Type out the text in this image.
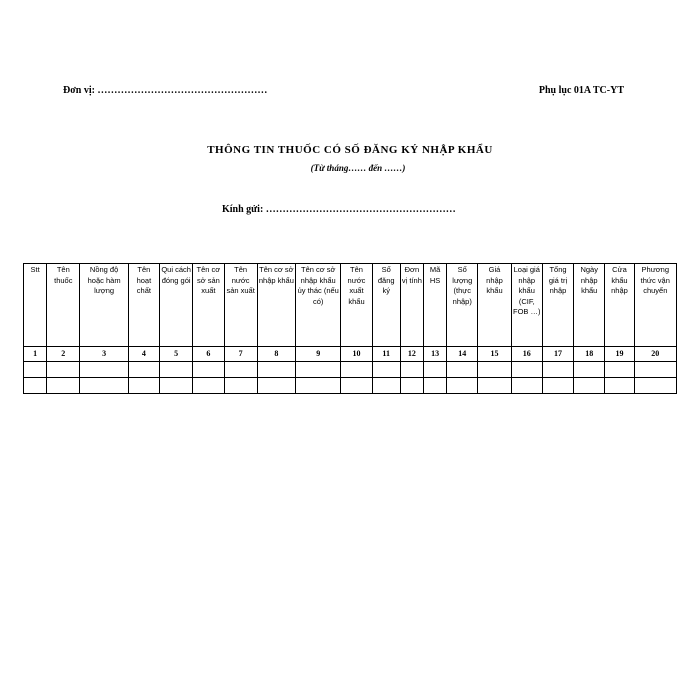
Đơn vị: ……………………………………………	Phụ lục 01A TC-YT
THÔNG TIN THUỐC CÓ SỐ ĐĂNG KÝ NHẬP KHẨU
(Từ tháng…… đến ……)
Kính gửi: …………………………………………………
Stt	Tên thuốc	Nồng độ hoặc hàm lượng	Tên hoạt chất	Qui cách đóng gói	Tên cơ sở sản xuất	Tên nước sản xuất	Tên cơ sở nhập khẩu	Tên cơ sở nhập khẩu ủy thác (nếu có)	Tên nước xuất khẩu	Số đăng ký	Đơn vị tính	Mã HS	Số lượng (thực nhập)	Giá nhập khẩu	Loại giá nhập khẩu (CIF, FOB …)	Tổng giá trị nhập	Ngày nhập khẩu	Cửa khẩu nhập	Phương thức vận chuyển
1	2	3	4	5	6	7	8	9	10	11	12	13	14	15	16	17	18	19	20
